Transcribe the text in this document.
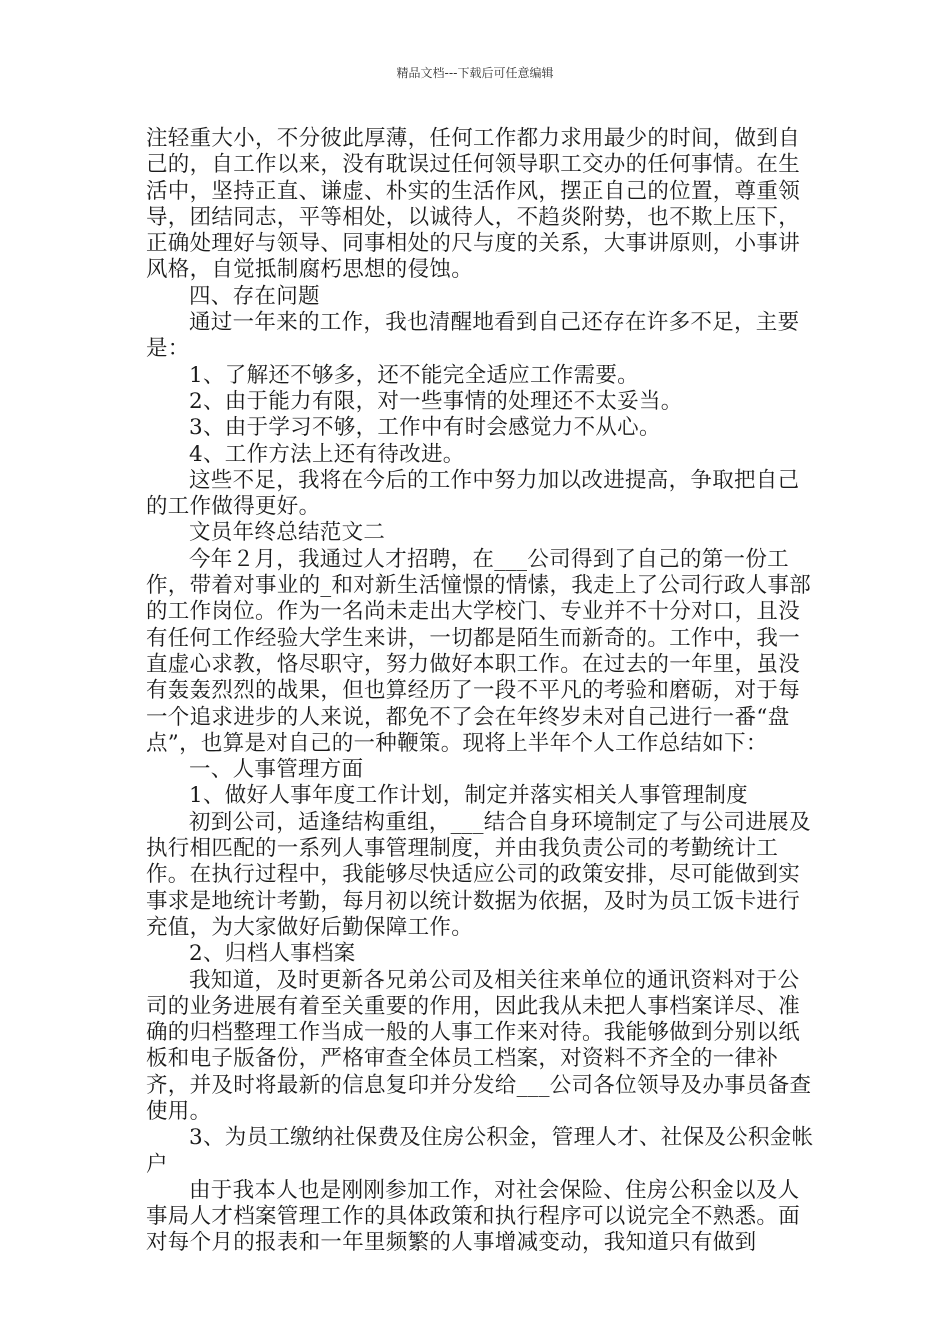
精品文档---下载后可任意编辑

注轻重大小，不分彼此厚薄，任何工作都力求用最少的时间，做到自己的，自工作以来，没有耽误过任何领导职工交办的任何事情。在生活中，坚持正直、谦虚、朴实的生活作风，摆正自己的位置，尊重领导，团结同志，平等相处，以诚待人，不趋炎附势，也不欺上压下，正确处理好与领导、同事相处的尺与度的关系，大事讲原则，小事讲风格，自觉抵制腐朽思想的侵蚀。

四、存在问题

通过一年来的工作，我也清醒地看到自己还存在许多不足，主要是：

1、了解还不够多，还不能完全适应工作需要。

2、由于能力有限，对一些事情的处理还不太妥当。

3、由于学习不够，工作中有时会感觉力不从心。

4、工作方法上还有待改进。

这些不足，我将在今后的工作中努力加以改进提高，争取把自己的工作做得更好。

文员年终总结范文二

今年２月，我通过人才招聘，在___公司得到了自己的第一份工作，带着对事业的_和对新生活憧憬的情愫，我走上了公司行政人事部的工作岗位。作为一名尚未走出大学校门、专业并不十分对口，且没有任何工作经验大学生来讲，一切都是陌生而新奇的。工作中，我一直虚心求教，恪尽职守，努力做好本职工作。在过去的一年里，虽没有轰轰烈烈的战果，但也算经历了一段不平凡的考验和磨砺，对于每一个追求进步的人来说，都免不了会在年终岁未对自己进行一番“盘点”，也算是对自己的一种鞭策。现将上半年个人工作总结如下：

一、人事管理方面

1、做好人事年度工作计划，制定并落实相关人事管理制度

初到公司，适逢结构重组，___结合自身环境制定了与公司进展及执行相匹配的一系列人事管理制度，并由我负责公司的考勤统计工作。在执行过程中，我能够尽快适应公司的政策安排，尽可能做到实事求是地统计考勤，每月初以统计数据为依据，及时为员工饭卡进行充值，为大家做好后勤保障工作。

2、归档人事档案

我知道，及时更新各兄弟公司及相关往来单位的通讯资料对于公司的业务进展有着至关重要的作用，因此我从未把人事档案详尽、准确的归档整理工作当成一般的人事工作来对待。我能够做到分别以纸板和电子版备份，严格审查全体员工档案，对资料不齐全的一律补齐，并及时将最新的信息复印并分发给___公司各位领导及办事员备查使用。

3、为员工缴纳社保费及住房公积金，管理人才、社保及公积金帐户

由于我本人也是刚刚参加工作，对社会保险、住房公积金以及人事局人才档案管理工作的具体政策和执行程序可以说完全不熟悉。面对每个月的报表和一年里频繁的人事增减变动，我知道只有做到
